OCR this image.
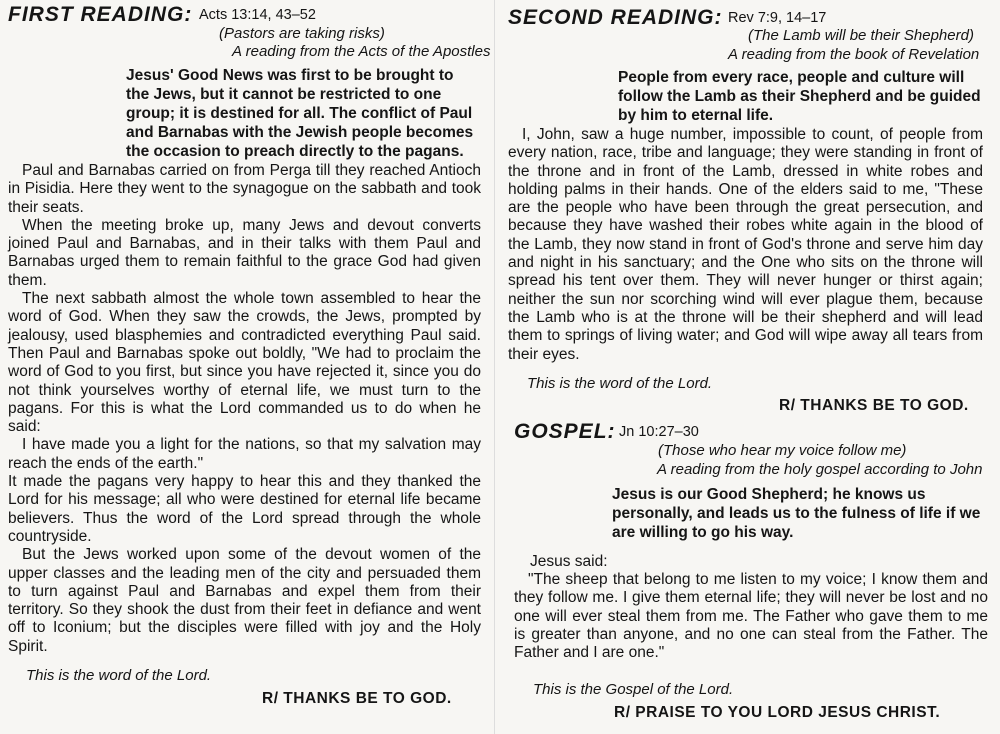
FIRST READING: Acts 13:14, 43–52
(Pastors are taking risks)
A reading from the Acts of the Apostles
Jesus' Good News was first to be brought to the Jews, but it cannot be restricted to one group; it is destined for all. The conflict of Paul and Barnabas with the Jewish people becomes the occasion to preach directly to the pagans.

Paul and Barnabas carried on from Perga till they reached Antioch in Pisidia. Here they went to the synagogue on the sabbath and took their seats.

When the meeting broke up, many Jews and devout converts joined Paul and Barnabas, and in their talks with them Paul and Barnabas urged them to remain faithful to the grace God had given them.

The next sabbath almost the whole town assembled to hear the word of God. When they saw the crowds, the Jews, prompted by jealousy, used blasphemies and contradicted everything Paul said. Then Paul and Barnabas spoke out boldly, "We had to proclaim the word of God to you first, but since you have rejected it, since you do not think yourselves worthy of eternal life, we must turn to the pagans. For this is what the Lord commanded us to do when he said:

I have made you a light for the nations, so that my salvation may reach the ends of the earth."

It made the pagans very happy to hear this and they thanked the Lord for his message; all who were destined for eternal life became believers. Thus the word of the Lord spread through the whole countryside.

But the Jews worked upon some of the devout women of the upper classes and the leading men of the city and persuaded them to turn against Paul and Barnabas and expel them from their territory. So they shook the dust from their feet in defiance and went off to Iconium; but the disciples were filled with joy and the Holy Spirit.

This is the word of the Lord.
R/ THANKS BE TO GOD.
SECOND READING: Rev 7:9, 14–17
(The Lamb will be their Shepherd)
A reading from the book of Revelation
People from every race, people and culture will follow the Lamb as their Shepherd and be guided by him to eternal life.

I, John, saw a huge number, impossible to count, of people from every nation, race, tribe and language; they were standing in front of the throne and in front of the Lamb, dressed in white robes and holding palms in their hands. One of the elders said to me, "These are the people who have been through the great persecution, and because they have washed their robes white again in the blood of the Lamb, they now stand in front of God's throne and serve him day and night in his sanctuary; and the One who sits on the throne will spread his tent over them. They will never hunger or thirst again; neither the sun nor scorching wind will ever plague them, because the Lamb who is at the throne will be their shepherd and will lead them to springs of living water; and God will wipe away all tears from their eyes.

This is the word of the Lord.
R/ THANKS BE TO GOD.
GOSPEL: Jn 10:27–30
(Those who hear my voice follow me)
A reading from the holy gospel according to John
Jesus is our Good Shepherd; he knows us personally, and leads us to the fulness of life if we are willing to go his way.
Jesus said:

"The sheep that belong to me listen to my voice; I know them and they follow me. I give them eternal life; they will never be lost and no one will ever steal them from me. The Father who gave them to me is greater than anyone, and no one can steal from the Father. The Father and I are one."

This is the Gospel of the Lord.
R/ PRAISE TO YOU LORD JESUS CHRIST.
